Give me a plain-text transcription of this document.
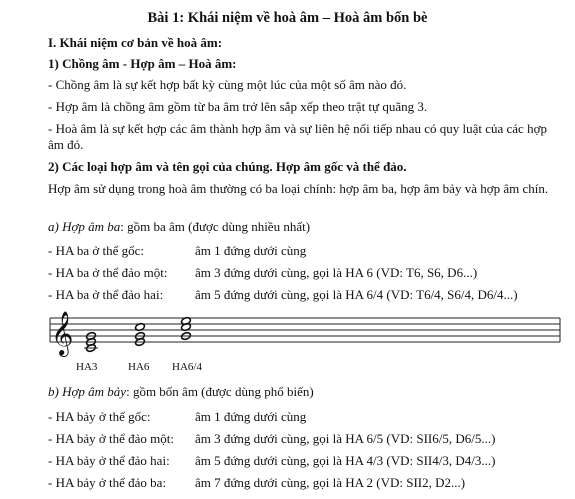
Bài 1: Khái niệm về hoà âm – Hoà âm bốn bè
I. Khái niệm cơ bản về hoà âm:
1) Chồng âm - Hợp âm – Hoà âm:
- Chồng âm là sự kết hợp bất kỳ cùng một lúc của một số âm nào đó.
- Hợp âm là chồng âm gồm từ ba âm trở lên sắp xếp theo trật tự quãng 3.
- Hoà âm là sự kết hợp các âm thành hợp âm và sự liên hệ nối tiếp nhau có quy luật của các hợp âm đó.
2) Các loại hợp âm và tên gọi của chúng. Hợp âm gốc và thể đảo.
Hợp âm sử dụng trong hoà âm thường có ba loại chính: hợp âm ba, hợp âm bảy và hợp âm chín.
a) Hợp âm ba: gồm ba âm (được dùng nhiều nhất)
- HA ba ở thể gốc:	âm 1 đứng dưới cùng
- HA ba ở thể đảo một: âm 3 đứng dưới cùng, gọi là HA 6 (VD: T6, S6, D6...)
- HA ba ở thể đảo hai: âm 5 đứng dưới cùng, gọi là HA 6/4 (VD: T6/4, S6/4, D6/4...)
𝄞
HA3	HA6 HA6/4
b) Hợp âm bảy: gồm bốn âm (được dùng phổ biến)
- HA bảy ở thể gốc:	âm 1 đứng dưới cùng
- HA bảy ở thể đảo một: âm 3 đứng dưới cùng, gọi là HA 6/5 (VD: SII6/5, D6/5...)
- HA bảy ở thể đảo hai: âm 5 đứng dưới cùng, gọi là HA 4/3 (VD: SII4/3, D4/3...)
- HA bảy ở thể đảo ba: âm 7 đứng dưới cùng, gọi là HA 2 (VD: SII2, D2...)
